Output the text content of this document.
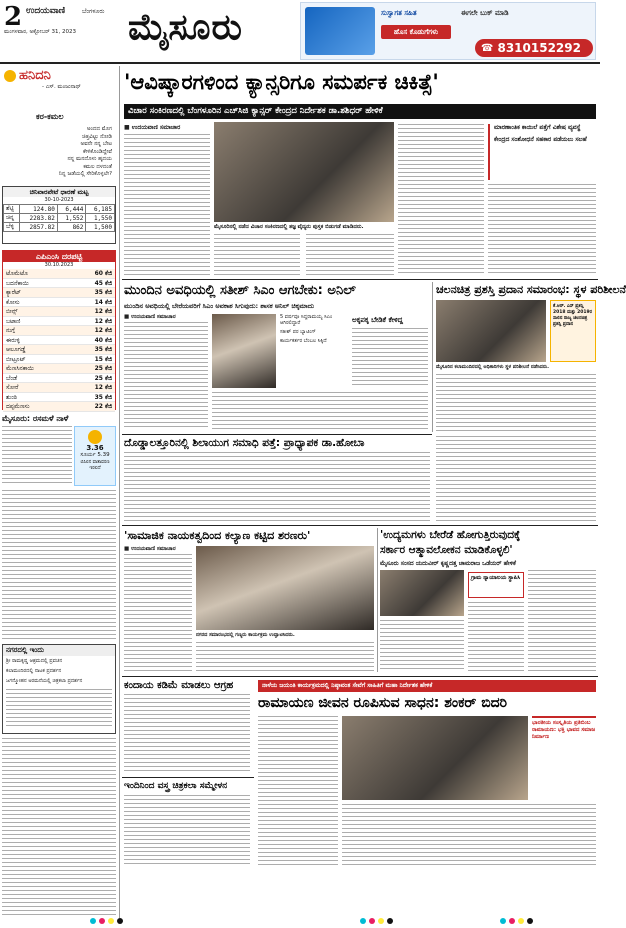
2 ಉದಯವಾಣಿ	ಬೆಂಗಳೂರು
ಮಂಗಳವಾರ, ಅಕ್ಟೋಬರ್ 31, 2023 ಮೈಸೂರು	ಸುಸ್ವಾಗತ ಸಹಿತ
ಹೊಸ ಕೊಡುಗೆಗಳು
ಈಗಲೇ ಬುಕ್ ಮಾಡಿ
☎ 8310152292
ಹನಿದನಿ
- ಎಸ್. ಮಂಜುನಾಥ್
ಕರ-ಕಮಲ
ಅಂದದ ಮೊಗ
ಚಿತ್ತವಿಟ್ಟು ನೋಡಿ
ಅವನೇ ನನ್ನ ಬೇಟ
ಕೇಳಿಕೊಂಡಿದ್ದೇವೆ
ನನ್ನ ಮನದೊಳು ಹೃದಯ
ಕಮಲ ದಳದಂತೆ
ನಿನ್ನ ಜಡೆಯಲ್ಲಿ ಸೇರಿಕೊಳ್ಳಲೇ?
ಚಿನಿವಾರಪೇಟೆ ಧಾರಣೆ ಮಟ್ಟ
30-10-2023
ಶೆಟ್ಟಿ	124.80	6,444	6,185
ಚಿನ್ನ	2283.82	1,552	1,550
ಬೆಳ್ಳಿ	2857.82	862	1,500
ಎಪಿಎಂಸಿ ದರಪಟ್ಟಿ
30.10.2023
ಟೊಮೆಟೊ	60 ಕೆಜಿ
ಬದನೆಕಾಯಿ	45 ಕೆಜಿ
ಕ್ಯಾರೆಟ್	35 ಕೆಜಿ
ಕೋಸು	14 ಕೆಜಿ
ಬೀನ್ಸ್	12 ಕೆಜಿ
ಬಟಾಣಿ	12 ಕೆಜಿ
ನುಗ್ಗೆ	12 ಕೆಜಿ
ಈರುಳ್ಳಿ	40 ಕೆಜಿ
ಆಲೂಗಡ್ಡೆ	35 ಕೆಜಿ
ಬೀಟ್ರೂಟ್	15 ಕೆಜಿ
ಮೆಣಸಿನಕಾಯಿ	25 ಕೆಜಿ
ಬೆಂಡೆ	25 ಕೆಜಿ
ಸೋರೆ	12 ಕೆಜಿ
ಶುಂಠಿ	35 ಕೆಜಿ
ದಪ್ಪಮೆಣಸು	22 ಕೆಜಿ
ಮೈಸೂರು: ರಸಮಳೆ ನಾಳೆ
3.36
ಸೂರ್ಯ 5.39
ಬಿಸಿಲಿನ ವಾತಾವರಣ ಇರಲಿದೆ
ನಗರದಲ್ಲಿ ಇಂದು
ಶ್ರೀ ರಾಮಕೃಷ್ಣ ಆಶ್ರಮದಲ್ಲಿ ಪ್ರವಚನ
ಕಲಾಮಂದಿರದಲ್ಲಿ ನಾಟಕ ಪ್ರದರ್ಶನ
ಜಗನ್ಮೋಹನ ಅರಮನೆಯಲ್ಲಿ ಚಿತ್ರಕಲಾ ಪ್ರದರ್ಶನ
'ಆವಿಷ್ಕಾರಗಳಿಂದ ಕ್ಯಾನ್ಸರಿಗೂ ಸಮರ್ಪಕ ಚಿಕಿತ್ಸೆ'
ವಿಚಾರ ಸಂಕಿರಣದಲ್ಲಿ ಬೆಂಗಳೂರಿನ ಎಚ್‌ಸಿಜಿ ಕ್ಯಾನ್ಸರ್ ಕೇಂದ್ರದ ನಿರ್ದೇಶಕ ಡಾ.ಶಶಿಧರ್ ಹೇಳಿಕೆ
■ ಉದಯವಾಣಿ ಸಮಾಚಾರ
ಮೈಸೂರಿನಲ್ಲಿ ನಡೆದ ವಿಚಾರ ಸಂಕಿರಣದಲ್ಲಿ ತಜ್ಞ ವೈದ್ಯರು ಪುಸ್ತಕ ಬಿಡುಗಡೆ ಮಾಡಿದರು.
ಮಾರಣಾಂತಿಕ ಕಾಯಿಲೆ ಪತ್ತೆಗೆ ವಿಶೇಷ ವ್ಯವಸ್ಥೆ
ಕೇಂದ್ರದ ಸಂಶೋಧನೆ ಸಹಕಾರ ಪಡೆಯಲು ಸಲಹೆ
ಮುಂದಿನ ಅವಧಿಯಲ್ಲಿ ಸತೀಶ್ ಸಿಎಂ ಆಗಬೇಕು: ಅನಿಲ್
ಮುಂದಿನ ಅವಧಿಯಲ್ಲಿ ಬೇರೆಯವರಿಗೆ ಸಿಎಂ ಅವಕಾಶ ಸಿಗುವುದು: ಶಾಸಕ ಅನಿಲ್ ಚಿಕ್ಕಮಾದು
■ ಉದಯವಾಣಿ ಸಮಾಚಾರ	5 ವರ್ಷವೂ ಸಿದ್ದರಾಮಯ್ಯ ಸಿಎಂ ಆಗಿರಲಿದ್ದಾರೆ
ಸತೀಶ್ ಪರ ಬ್ಯಾಟಿಂಗ್
ಕಾರ್ಯಕರ್ತರ ಬೆಂಬಲ ಸಿಕ್ಕಿದೆ
ಅಕ್ಕಪಕ್ಕ ಬೇಡಿಕೆ ಕೇಳಿದ್ದ
ಚಲನಚಿತ್ರ ಪ್ರಶಸ್ತಿ ಪ್ರದಾನ ಸಮಾರಂಭ: ಸ್ಥಳ ಪರಿಶೀಲನೆ
ಮೈಸೂರಿನ ಕಲಾಮಂದಿರದಲ್ಲಿ ಅಧಿಕಾರಿಗಳು ಸ್ಥಳ ಪರಿಶೀಲನೆ ನಡೆಸಿದರು.
ಕೆ.ಆರ್. ಎಸ್ ಪ್ರಶಸ್ತಿ 2018 ಮತ್ತು 2019ರ ಸಾಲಿನ ರಾಜ್ಯ ಚಲನಚಿತ್ರ ಪ್ರಶಸ್ತಿ ಪ್ರದಾನ
ದೊಡ್ಡಾಲತ್ತೂರಿನಲ್ಲಿ ಶಿಲಾಯುಗ ಸಮಾಧಿ ಪತ್ತೆ: ಪ್ರಾಧ್ಯಾಪಕ ಡಾ.ಹೋಬಾ
'ಸಾಮಾಜಿಕ ನಾಯಕತ್ವದಿಂದ ಕಲ್ಯಾಣ ಕಟ್ಟಿದ ಶರಣರು'
■ ಉದಯವಾಣಿ ಸಮಾಚಾರ
ನಗರದ ಸಮಾರಂಭದಲ್ಲಿ ಗಣ್ಯರು ಕಾರ್ಯಕ್ರಮ ಉದ್ಘಾಟಿಸಿದರು.
'ಉದ್ಯಮಗಳು ಬೇರೆಡೆ ಹೋಗುತ್ತಿರುವುದಕ್ಕೆ
ಸರ್ಕಾರ ಆತ್ಮಾವಲೋಕನ ಮಾಡಿಕೊಳ್ಳಲಿ'
ಮೈಸೂರು ಸಂಸದ ಯದುವೀರ್ ಕೃಷ್ಣದತ್ತ ಚಾಮರಾಜ ಒಡೆಯರ್ ಹೇಳಿಕೆ
ಗ್ರಾಮ ನ್ಯಾಯಾಲಯ ಸ್ಥಾಪಿಸಿ
ಕಂದಾಯ ಕಡಿಮೆ ಮಾಡಲು ಆಗ್ರಹ	ನಾಳೆಯ ಜಯಂತಿ ಕಾರ್ಯಕ್ರಮದಲ್ಲಿ ನಿಷ್ಠಾವಂತ ಸೇವೆಗೆ ಸಾಹಿತಿಗೆ ಮಹಾ ನಿರ್ದೇಶಕ ಹೇಳಿಕೆ
ರಾಮಾಯಣ ಜೀವನ ರೂಪಿಸುವ ಸಾಧನ: ಶಂಕರ್ ಬಿದರಿ
ಭಾರತೀಯ ಸಂಸ್ಕೃತಿಯ ಪ್ರತಿಬಿಂಬ ರಾಮಾಯಣ: ಭಕ್ತಿ ಭಾವದ ಸಮಾಜ ನಿರ್ಮಾಣ
ಇಂದಿನಿಂದ ವಸ್ತ್ರ ಚಿತ್ರಕಲಾ ಸಮ್ಮೇಳನ
